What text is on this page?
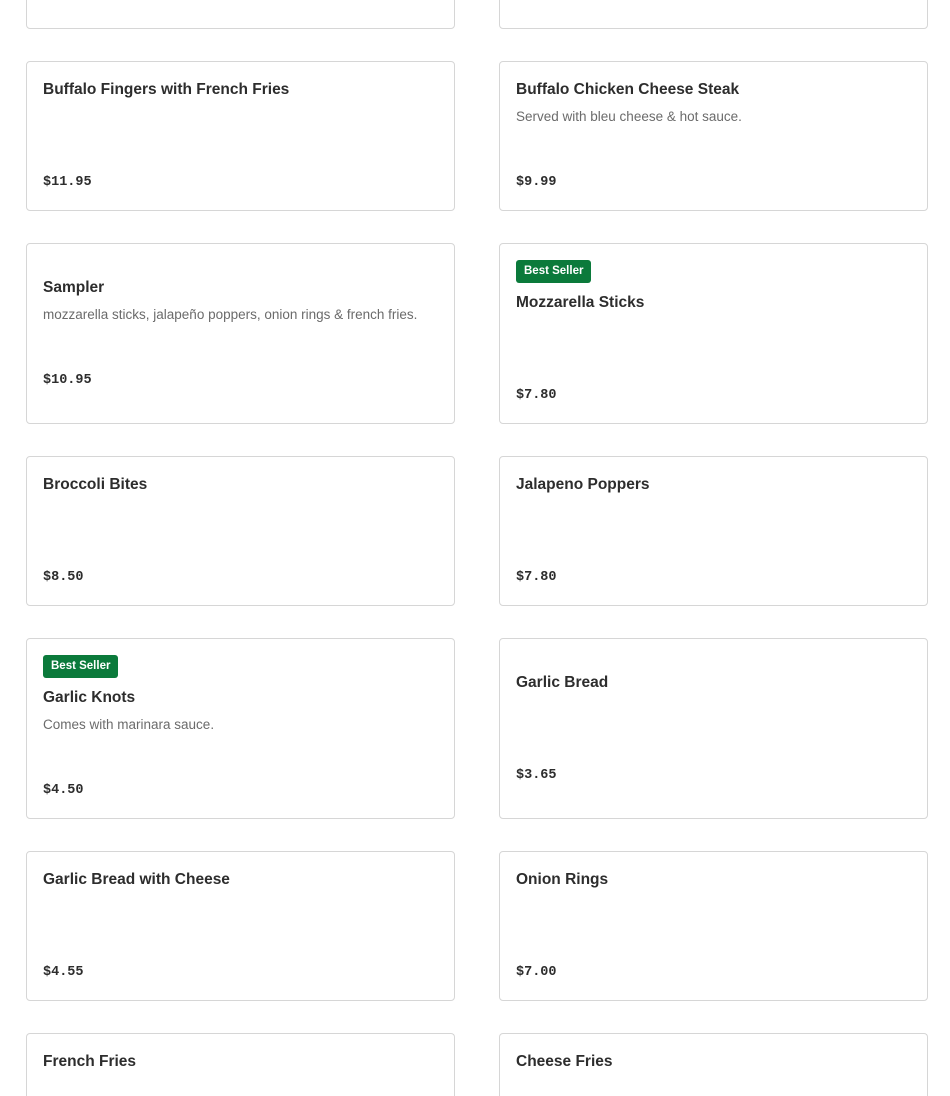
Buffalo Fingers with French Fries
$11.95
Buffalo Chicken Cheese Steak
Served with bleu cheese & hot sauce.
$9.99
Sampler
mozzarella sticks, jalapeño poppers, onion rings & french fries.
$10.95
Best Seller
Mozzarella Sticks
$7.80
Broccoli Bites
$8.50
Jalapeno Poppers
$7.80
Best Seller
Garlic Knots
Comes with marinara sauce.
$4.50
Garlic Bread
$3.65
Garlic Bread with Cheese
$4.55
Onion Rings
$7.00
French Fries	Cheese Fries
